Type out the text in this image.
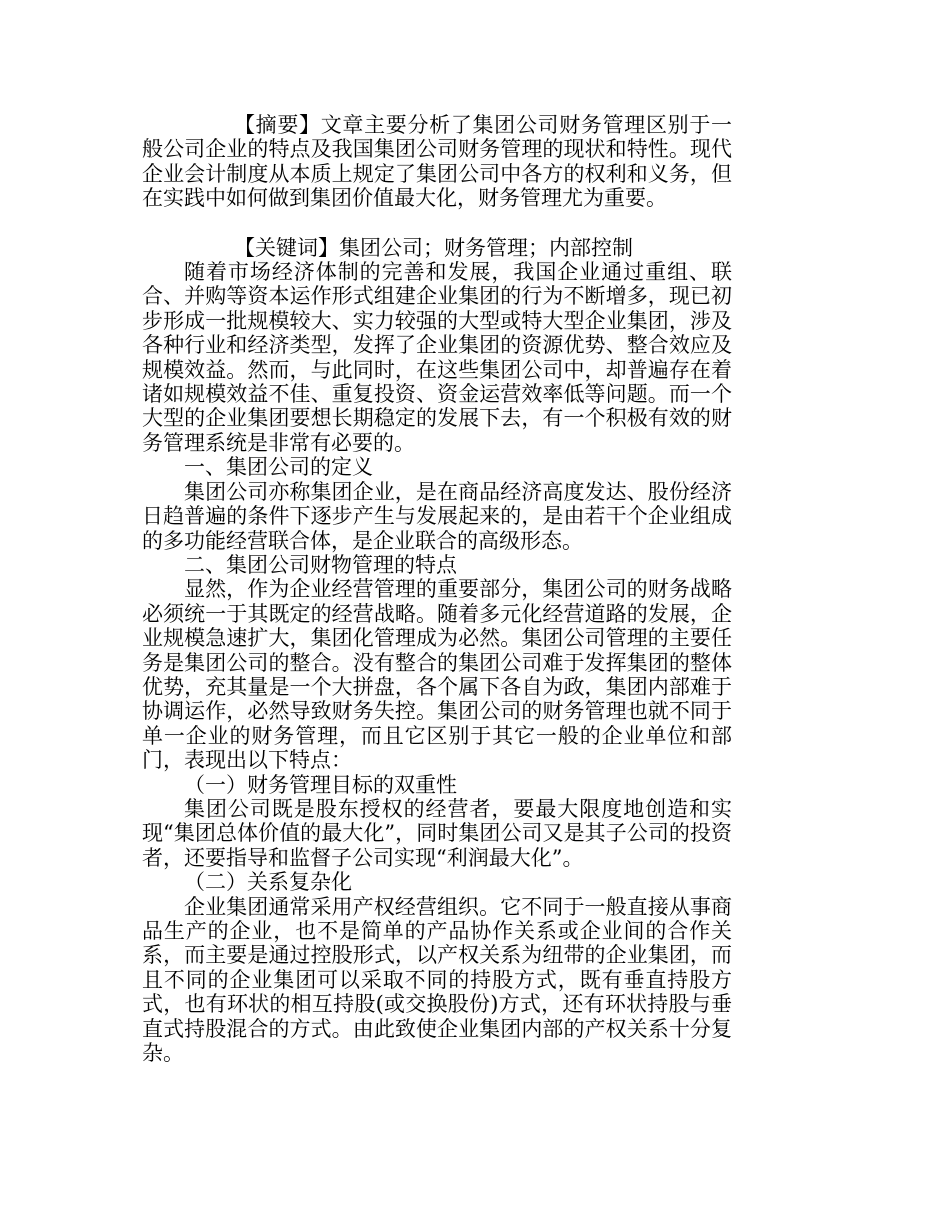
【摘要】文章主要分析了集团公司财务管理区别于一般公司企业的特点及我国集团公司财务管理的现状和特性。现代企业会计制度从本质上规定了集团公司中各方的权利和义务，但在实践中如何做到集团价值最大化，财务管理尤为重要。

【关键词】集团公司；财务管理；内部控制

随着市场经济体制的完善和发展，我国企业通过重组、联合、并购等资本运作形式组建企业集团的行为不断增多，现已初步形成一批规模较大、实力较强的大型或特大型企业集团，涉及各种行业和经济类型，发挥了企业集团的资源优势、整合效应及规模效益。然而，与此同时，在这些集团公司中，却普遍存在着诸如规模效益不佳、重复投资、资金运营效率低等问题。而一个大型的企业集团要想长期稳定的发展下去，有一个积极有效的财务管理系统是非常有必要的。

一、集团公司的定义

集团公司亦称集团企业，是在商品经济高度发达、股份经济日趋普遍的条件下逐步产生与发展起来的，是由若干个企业组成的多功能经营联合体，是企业联合的高级形态。

二、集团公司财物管理的特点

显然，作为企业经营管理的重要部分，集团公司的财务战略必须统一于其既定的经营战略。随着多元化经营道路的发展，企业规模急速扩大，集团化管理成为必然。集团公司管理的主要任务是集团公司的整合。没有整合的集团公司难于发挥集团的整体优势，充其量是一个大拼盘，各个属下各自为政，集团内部难于协调运作，必然导致财务失控。集团公司的财务管理也就不同于单一企业的财务管理，而且它区别于其它一般的企业单位和部门，表现出以下特点：

（一）财务管理目标的双重性

集团公司既是股东授权的经营者，要最大限度地创造和实现“集团总体价值的最大化”，同时集团公司又是其子公司的投资者，还要指导和监督子公司实现“利润最大化”。

（二）关系复杂化

企业集团通常采用产权经营组织。它不同于一般直接从事商品生产的企业，也不是简单的产品协作关系或企业间的合作关系，而主要是通过控股形式，以产权关系为纽带的企业集团，而且不同的企业集团可以采取不同的持股方式，既有垂直持股方式，也有环状的相互持股(或交换股份)方式，还有环状持股与垂直式持股混合的方式。由此致使企业集团内部的产权关系十分复杂。
